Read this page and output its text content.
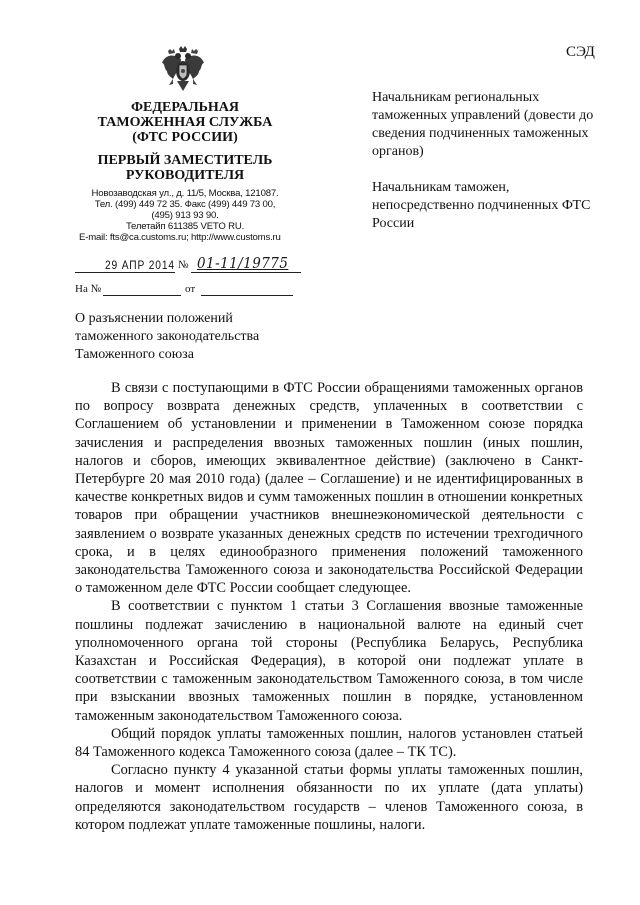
СЭД
ФЕДЕРАЛЬНАЯ
ТАМОЖЕННАЯ СЛУЖБА
(ФТС РОССИИ)
ПЕРВЫЙ ЗАМЕСТИТЕЛЬ
РУКОВОДИТЕЛЯ
Новозаводская ул., д. 11/5, Москва, 121087.
Тел. (499) 449 72 35. Факс (499) 449 73 00,
(495) 913 93 90.
Телетайп 611385 VETO RU.
E-mail: fts@ca.customs.ru; http://www.customs.ru
29 АПР 2014 № 01-11/19775
На №	от

Начальникам региональных таможенных управлений (довести до сведения подчиненных таможенных органов)

Начальникам таможен, непосредственно подчиненных ФТС России

О разъяснении положений таможенного законодательства Таможенного союза

В связи с поступающими в ФТС России обращениями таможенных органов по вопросу возврата денежных средств, уплаченных в соответствии с Соглашением об установлении и применении в Таможенном союзе порядка зачисления и распределения ввозных таможенных пошлин (иных пошлин, налогов и сборов, имеющих эквивалентное действие) (заключено в Санкт-Петербурге 20 мая 2010 года) (далее – Соглашение) и не идентифицированных в качестве конкретных видов и сумм таможенных пошлин в отношении конкретных товаров при обращении участников внешнеэкономической деятельности с заявлением о возврате указанных денежных средств по истечении трехгодичного срока, и в целях единообразного применения положений таможенного законодательства Таможенного союза и законодательства Российской Федерации о таможенном деле ФТС России сообщает следующее.

В соответствии с пунктом 1 статьи 3 Соглашения ввозные таможенные пошлины подлежат зачислению в национальной валюте на единый счет уполномоченного органа той стороны (Республика Беларусь, Республика Казахстан и Российская Федерация), в которой они подлежат уплате в соответствии с таможенным законодательством Таможенного союза, в том числе при взыскании ввозных таможенных пошлин в порядке, установленном таможенным законодательством Таможенного союза.

Общий порядок уплаты таможенных пошлин, налогов установлен статьей 84 Таможенного кодекса Таможенного союза (далее – ТК ТС).

Согласно пункту 4 указанной статьи формы уплаты таможенных пошлин, налогов и момент исполнения обязанности по их уплате (дата уплаты) определяются законодательством государств – членов Таможенного союза, в котором подлежат уплате таможенные пошлины, налоги.
